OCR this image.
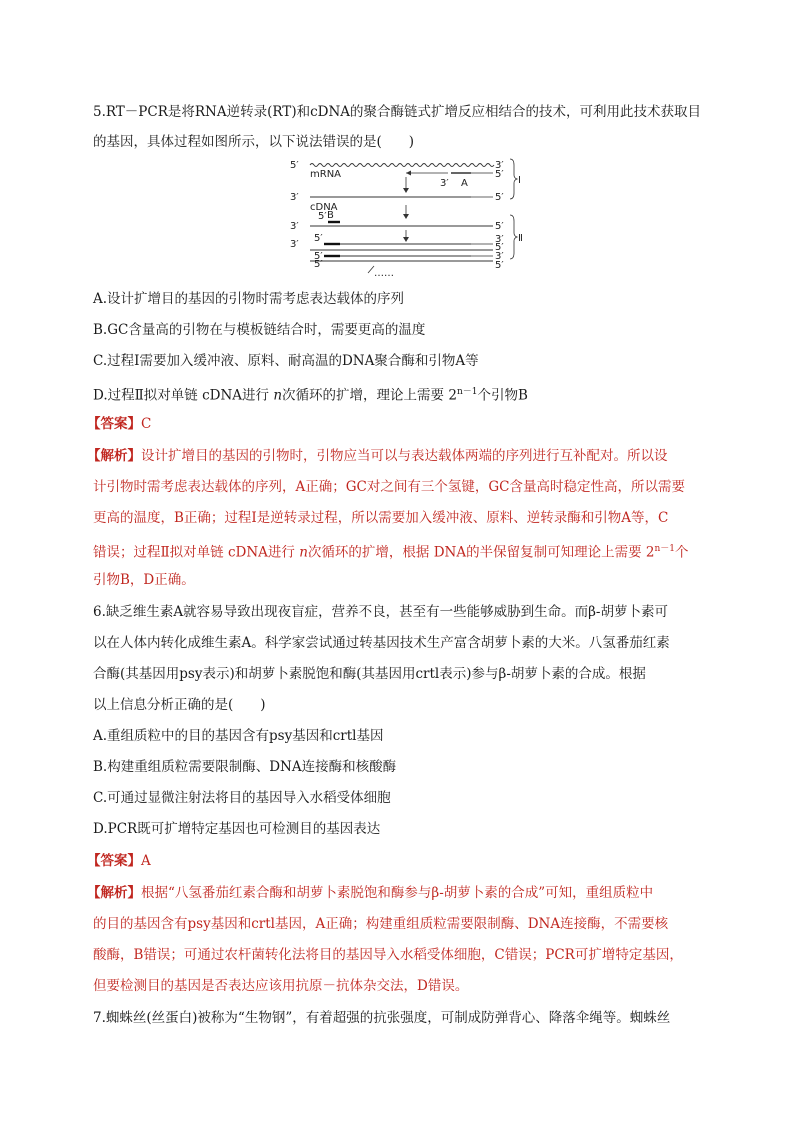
5.RT－PCR是将RNA逆转录(RT)和cDNA的聚合酶链式扩增反应相结合的技术，可利用此技术获取目
的基因，具体过程如图所示，以下说法错误的是(　　)
5′	3′
mRNA	5′
3′ A
3′	5′
cDNA
Ⅰ
5′ B
3′	5′
5′
3′	3′
5′
5′
5′
3′
5′
……
Ⅱ
A.设计扩增目的基因的引物时需考虑表达载体的序列
B.GC含量高的引物在与模板链结合时，需要更高的温度
C.过程Ⅰ需要加入缓冲液、原料、耐高温的DNA聚合酶和引物A等
D.过程Ⅱ拟对单链 cDNA进行 n次循环的扩增，理论上需要 $2^{n-1}$个引物B
【答案】C
【解析】设计扩增目的基因的引物时，引物应当可以与表达载体两端的序列进行互补配对。所以设
计引物时需考虑表达载体的序列，A正确；GC对之间有三个氢键，GC含量高时稳定性高，所以需要
更高的温度，B正确；过程Ⅰ是逆转录过程，所以需要加入缓冲液、原料、逆转录酶和引物A等，C
错误；过程Ⅱ拟对单链 cDNA进行 n次循环的扩增，根据 DNA的半保留复制可知理论上需要 $2^{n-1}$个
引物B，D正确。
6.缺乏维生素A就容易导致出现夜盲症，营养不良，甚至有一些能够威胁到生命。而β-胡萝卜素可
以在人体内转化成维生素A。科学家尝试通过转基因技术生产富含胡萝卜素的大米。八氢番茄红素
合酶(其基因用psy表示)和胡萝卜素脱饱和酶(其基因用crtl表示)参与β-胡萝卜素的合成。根据
以上信息分析正确的是(　　)
A.重组质粒中的目的基因含有psy基因和crtl基因
B.构建重组质粒需要限制酶、DNA连接酶和核酸酶
C.可通过显微注射法将目的基因导入水稻受体细胞
D.PCR既可扩增特定基因也可检测目的基因表达
【答案】A
【解析】根据“八氢番茄红素合酶和胡萝卜素脱饱和酶参与β-胡萝卜素的合成”可知，重组质粒中
的目的基因含有psy基因和crtl基因，A正确；构建重组质粒需要限制酶、DNA连接酶，不需要核
酸酶，B错误；可通过农杆菌转化法将目的基因导入水稻受体细胞，C错误；PCR可扩增特定基因，
但要检测目的基因是否表达应该用抗原－抗体杂交法，D错误。
7.蜘蛛丝(丝蛋白)被称为“生物钢”，有着超强的抗张强度，可制成防弹背心、降落伞绳等。蜘蛛丝
